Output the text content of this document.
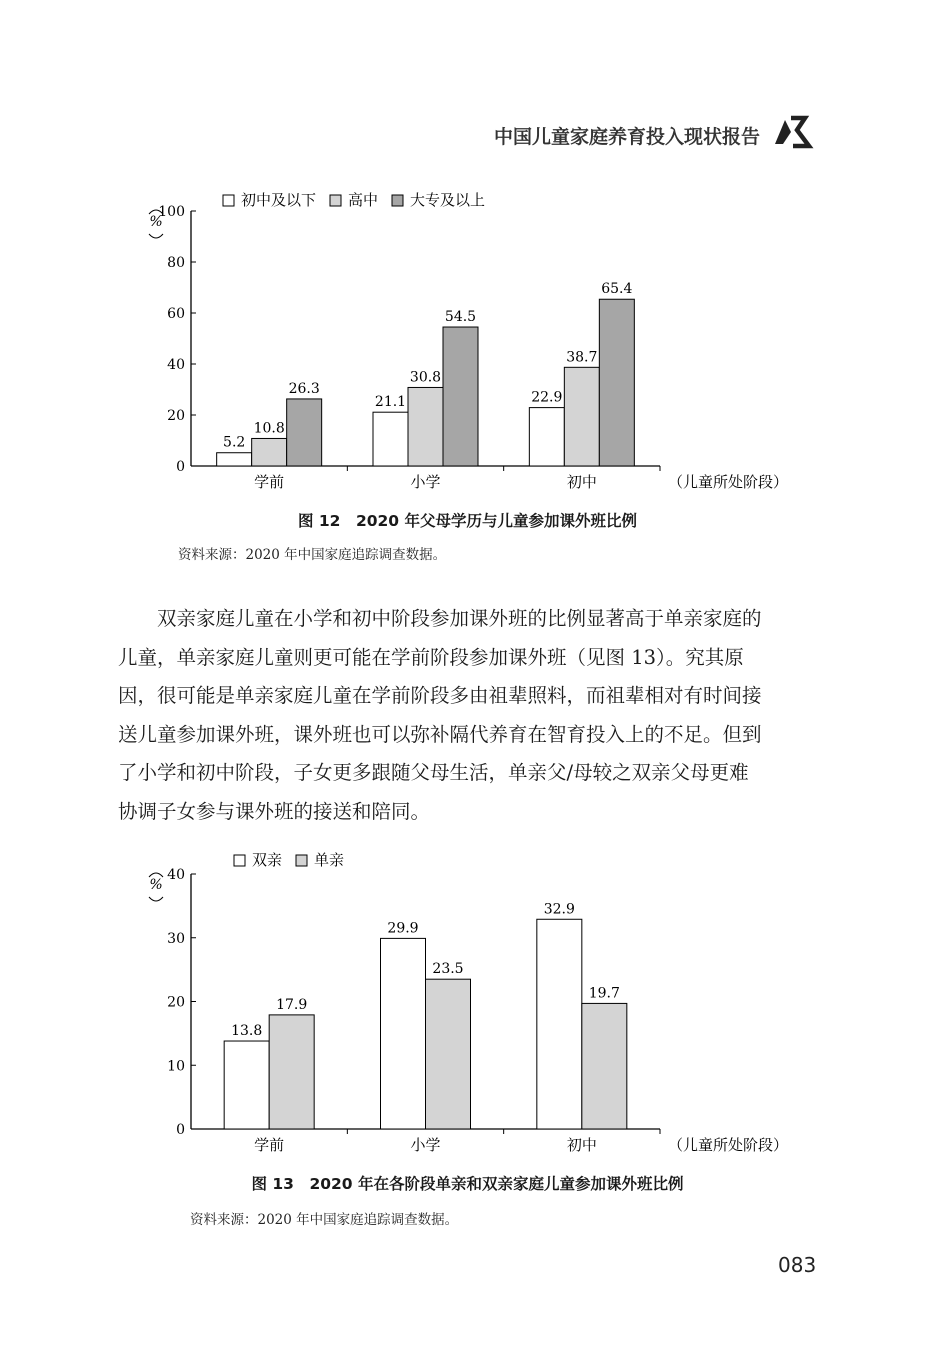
中国儿童家庭养育投入现状报告
0
20
40
60
80
100
%
学前	小学	初中	（儿童所处阶段）
5.2
10.8
26.3
21.1
30.8
54.5
22.9
38.7
65.4
初中及以下 高中 大专及以上
图 12　2020 年父母学历与儿童参加课外班比例
资料来源：2020 年中国家庭追踪调查数据。
双亲家庭儿童在小学和初中阶段参加课外班的比例显著高于单亲家庭的
儿童，单亲家庭儿童则更可能在学前阶段参加课外班（见图 13）。究其原
因，很可能是单亲家庭儿童在学前阶段多由祖辈照料，而祖辈相对有时间接
送儿童参加课外班，课外班也可以弥补隔代养育在智育投入上的不足。但到
了小学和初中阶段，子女更多跟随父母生活，单亲父/母较之双亲父母更难
协调子女参与课外班的接送和陪同。
0
10
20
30
40
%
学前	小学	初中	（儿童所处阶段）
13.8
17.9
29.9
23.5
32.9
19.7
双亲 单亲
图 13　2020 年在各阶段单亲和双亲家庭儿童参加课外班比例
资料来源：2020 年中国家庭追踪调查数据。
083
